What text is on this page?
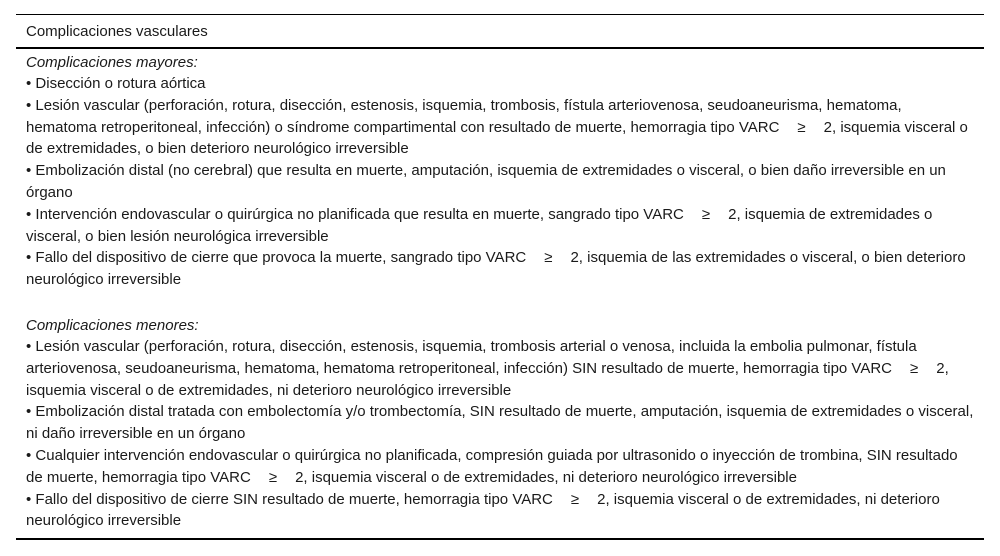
Complicaciones vasculares
Complicaciones mayores:
• Disección o rotura aórtica
• Lesión vascular (perforación, rotura, disección, estenosis, isquemia, trombosis, fístula arteriovenosa, seudoaneurisma, hematoma, hematoma retroperitoneal, infección) o síndrome compartimental con resultado de muerte, hemorragia tipo VARC  ≥  2, isquemia visceral o de extremidades, o bien deterioro neurológico irreversible
• Embolización distal (no cerebral) que resulta en muerte, amputación, isquemia de extremidades o visceral, o bien daño irreversible en un órgano
• Intervención endovascular o quirúrgica no planificada que resulta en muerte, sangrado tipo VARC  ≥  2, isquemia de extremidades o visceral, o bien lesión neurológica irreversible
• Fallo del dispositivo de cierre que provoca la muerte, sangrado tipo VARC  ≥  2, isquemia de las extremidades o visceral, o bien deterioro neurológico irreversible
Complicaciones menores:
• Lesión vascular (perforación, rotura, disección, estenosis, isquemia, trombosis arterial o venosa, incluida la embolia pulmonar, fístula arteriovenosa, seudoaneurisma, hematoma, hematoma retroperitoneal, infección) SIN resultado de muerte, hemorragia tipo VARC  ≥  2, isquemia visceral o de extremidades, ni deterioro neurológico irreversible
• Embolización distal tratada con embolectomía y/o trombectomía, SIN resultado de muerte, amputación, isquemia de extremidades o visceral, ni daño irreversible en un órgano
• Cualquier intervención endovascular o quirúrgica no planificada, compresión guiada por ultrasonido o inyección de trombina, SIN resultado de muerte, hemorragia tipo VARC  ≥  2, isquemia visceral o de extremidades, ni deterioro neurológico irreversible
• Fallo del dispositivo de cierre SIN resultado de muerte, hemorragia tipo VARC  ≥  2, isquemia visceral o de extremidades, ni deterioro neurológico irreversible
